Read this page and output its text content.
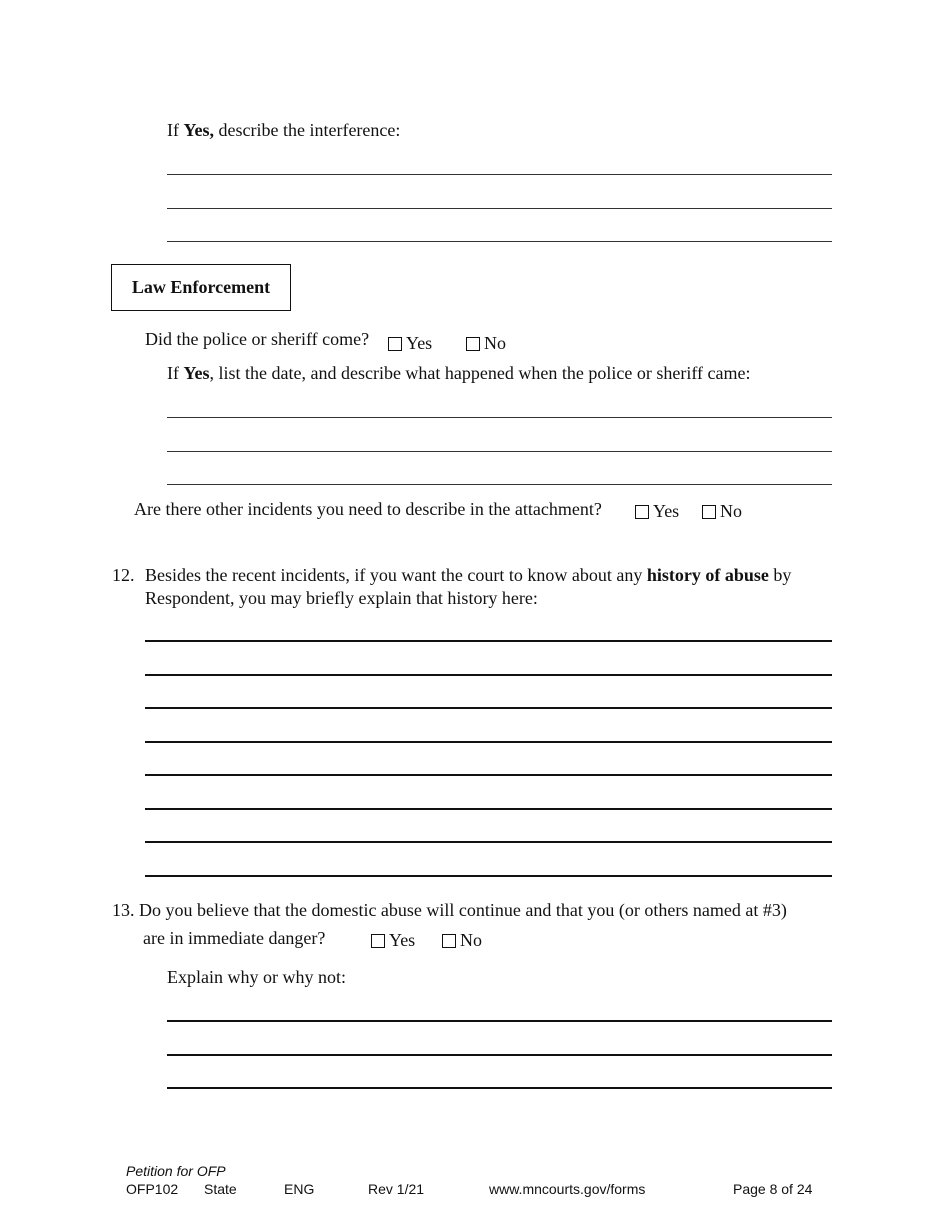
If Yes, describe the interference:
Law Enforcement
Did the police or sheriff come?	Yes	No
If Yes, list the date, and describe what happened when the police or sheriff came:
Are there other incidents you need to describe in the attachment?	Yes	No
12. Besides the recent incidents, if you want the court to know about any history of abuse by
Respondent, you may briefly explain that history here:
13. Do you believe that the domestic abuse will continue and that you (or others named at #3)
are in immediate danger?	Yes	No
Explain why or why not:
Petition for OFP
OFP102 State	ENG	Rev 1/21	www.mncourts.gov/forms	Page 8 of 24
